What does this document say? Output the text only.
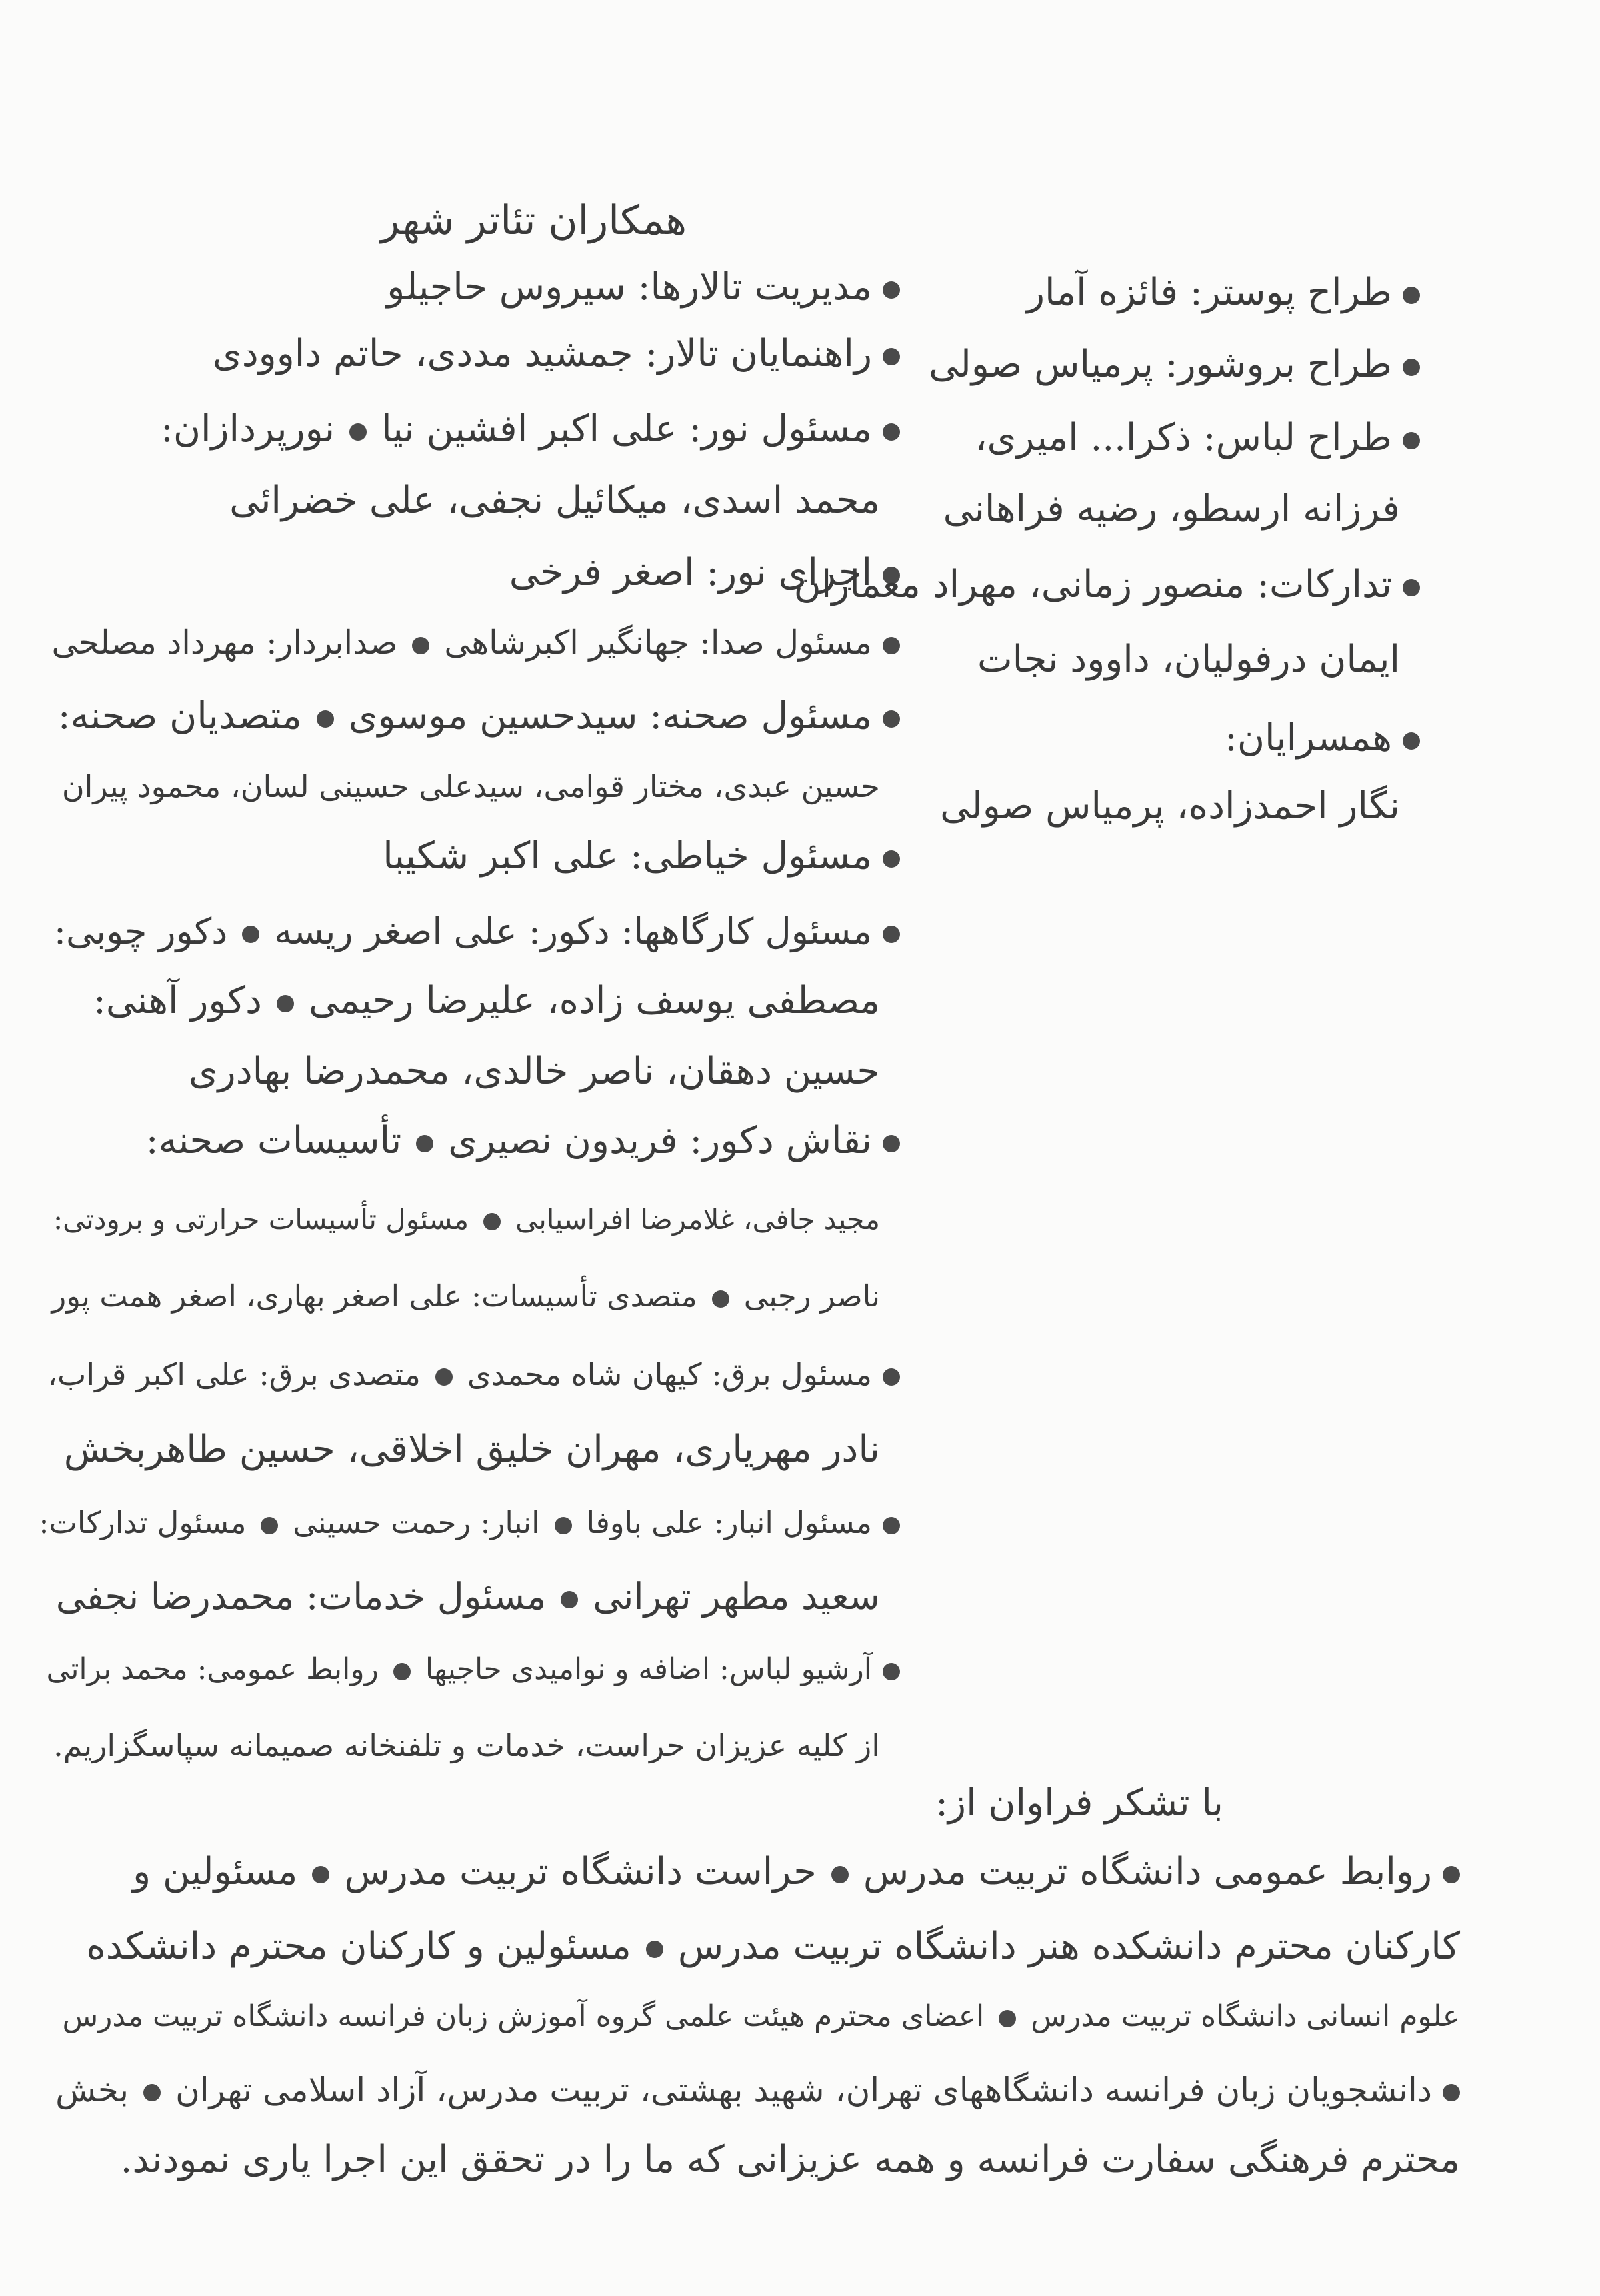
همکاران تئاتر شهر
مدیریت تالارها: سیروس حاجیلو
راهنمایان تالار: جمشید مددی، حاتم داوودی
مسئول نور: علی اکبر افشین نیانورپردازان:
محمد اسدی، میکائیل نجفی، علی خضرائی
اجرای نور: اصغر فرخی
مسئول صدا: جهانگیر اکبرشاهیصدابردار: مهرداد مصلحی
مسئول صحنه: سیدحسین موسویمتصدیان صحنه:
حسین عبدی، مختار قوامی، سیدعلی حسینی لسان، محمود پیران
مسئول خیاطی: علی اکبر شکیبا
مسئول کارگاهها: دکور: علی اصغر ریسهدکور چوبی:
مصطفی یوسف زاده، علیرضا رحیمیدکور آهنی:
حسین دهقان، ناصر خالدی، محمدرضا بهادری
نقاش دکور: فریدون نصیریتأسیسات صحنه:
مجید جافی، غلامرضا افراسیابیمسئول تأسیسات حرارتی و برودتی:
ناصر رجبیمتصدی تأسیسات: علی اصغر بهاری، اصغر همت پور
مسئول برق: کیهان شاه محمدیمتصدی برق: علی اکبر قراب،
نادر مهریاری، مهران خلیق اخلاقی، حسین طاهربخش
مسئول انبار: علی باوفاانبار: رحمت حسینیمسئول تدارکات:
سعید مطهر تهرانیمسئول خدمات: محمدرضا نجفی
آرشیو لباس: اضافه و نوامیدی حاجیهاروابط عمومی: محمد براتی
از کلیه عزیزان حراست، خدمات و تلفنخانه صمیمانه سپاسگزاریم.
طراح پوستر: فائزه آمار
طراح بروشور: پرمیاس صولی
طراح لباس: ذکرا... امیری،
فرزانه ارسطو، رضیه فراهانی
تدارکات: منصور زمانی، مهراد معماران
ایمان درفولیان، داوود نجات
همسرایان:
نگار احمدزاده، پرمیاس صولی
با تشکر فراوان از:
روابط عمومی دانشگاه تربیت مدرسحراست دانشگاه تربیت مدرسمسئولین و
کارکنان محترم دانشکده هنر دانشگاه تربیت مدرسمسئولین و کارکنان محترم دانشکده
علوم انسانی دانشگاه تربیت مدرساعضای محترم هیئت علمی گروه آموزش زبان فرانسه دانشگاه تربیت مدرس
دانشجویان زبان فرانسه دانشگاههای تهران، شهید بهشتی، تربیت مدرس، آزاد اسلامی تهرانبخش
محترم فرهنگی سفارت فرانسه و همه عزیزانی که ما را در تحقق این اجرا یاری نمودند.
